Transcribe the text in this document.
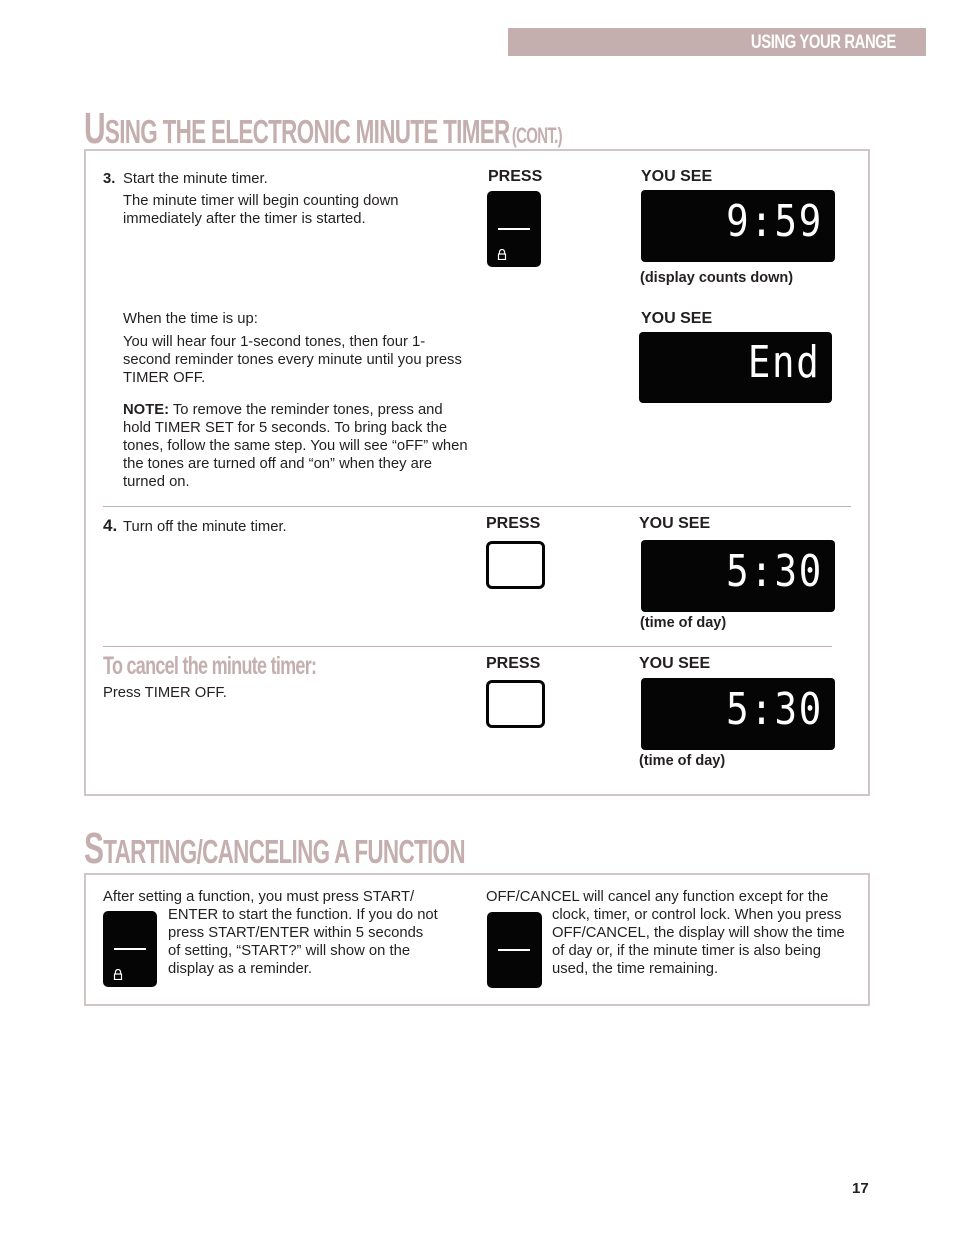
USING YOUR RANGE
USING THE ELECTRONIC MINUTE TIMER (CONT.)
3. Start the minute timer.
The minute timer will begin counting down immediately after the timer is started.
PRESS	YOU SEE
9:59
(display counts down)
When the time is up:
You will hear four 1-second tones, then four 1-second reminder tones every minute until you press TIMER OFF.
NOTE: To remove the reminder tones, press and hold TIMER SET for 5 seconds. To bring back the tones, follow the same step. You will see “oFF” when the tones are turned off and “on” when they are turned on.
YOU SEE
End
4. Turn off the minute timer.	PRESS	YOU SEE
5:30
(time of day)
To cancel the minute timer:
Press TIMER OFF.
PRESS	YOU SEE
5:30
(time of day)
STARTING/CANCELING A FUNCTION
After setting a function, you must press START/
ENTER to start the function. If you do not press START/ENTER within 5 seconds of setting, “START?” will show on the display as a reminder.
OFF/CANCEL will cancel any function except for the
clock, timer, or control lock. When you press OFF/CANCEL, the display will show the time of day or, if the minute timer is also being used, the time remaining.
17
